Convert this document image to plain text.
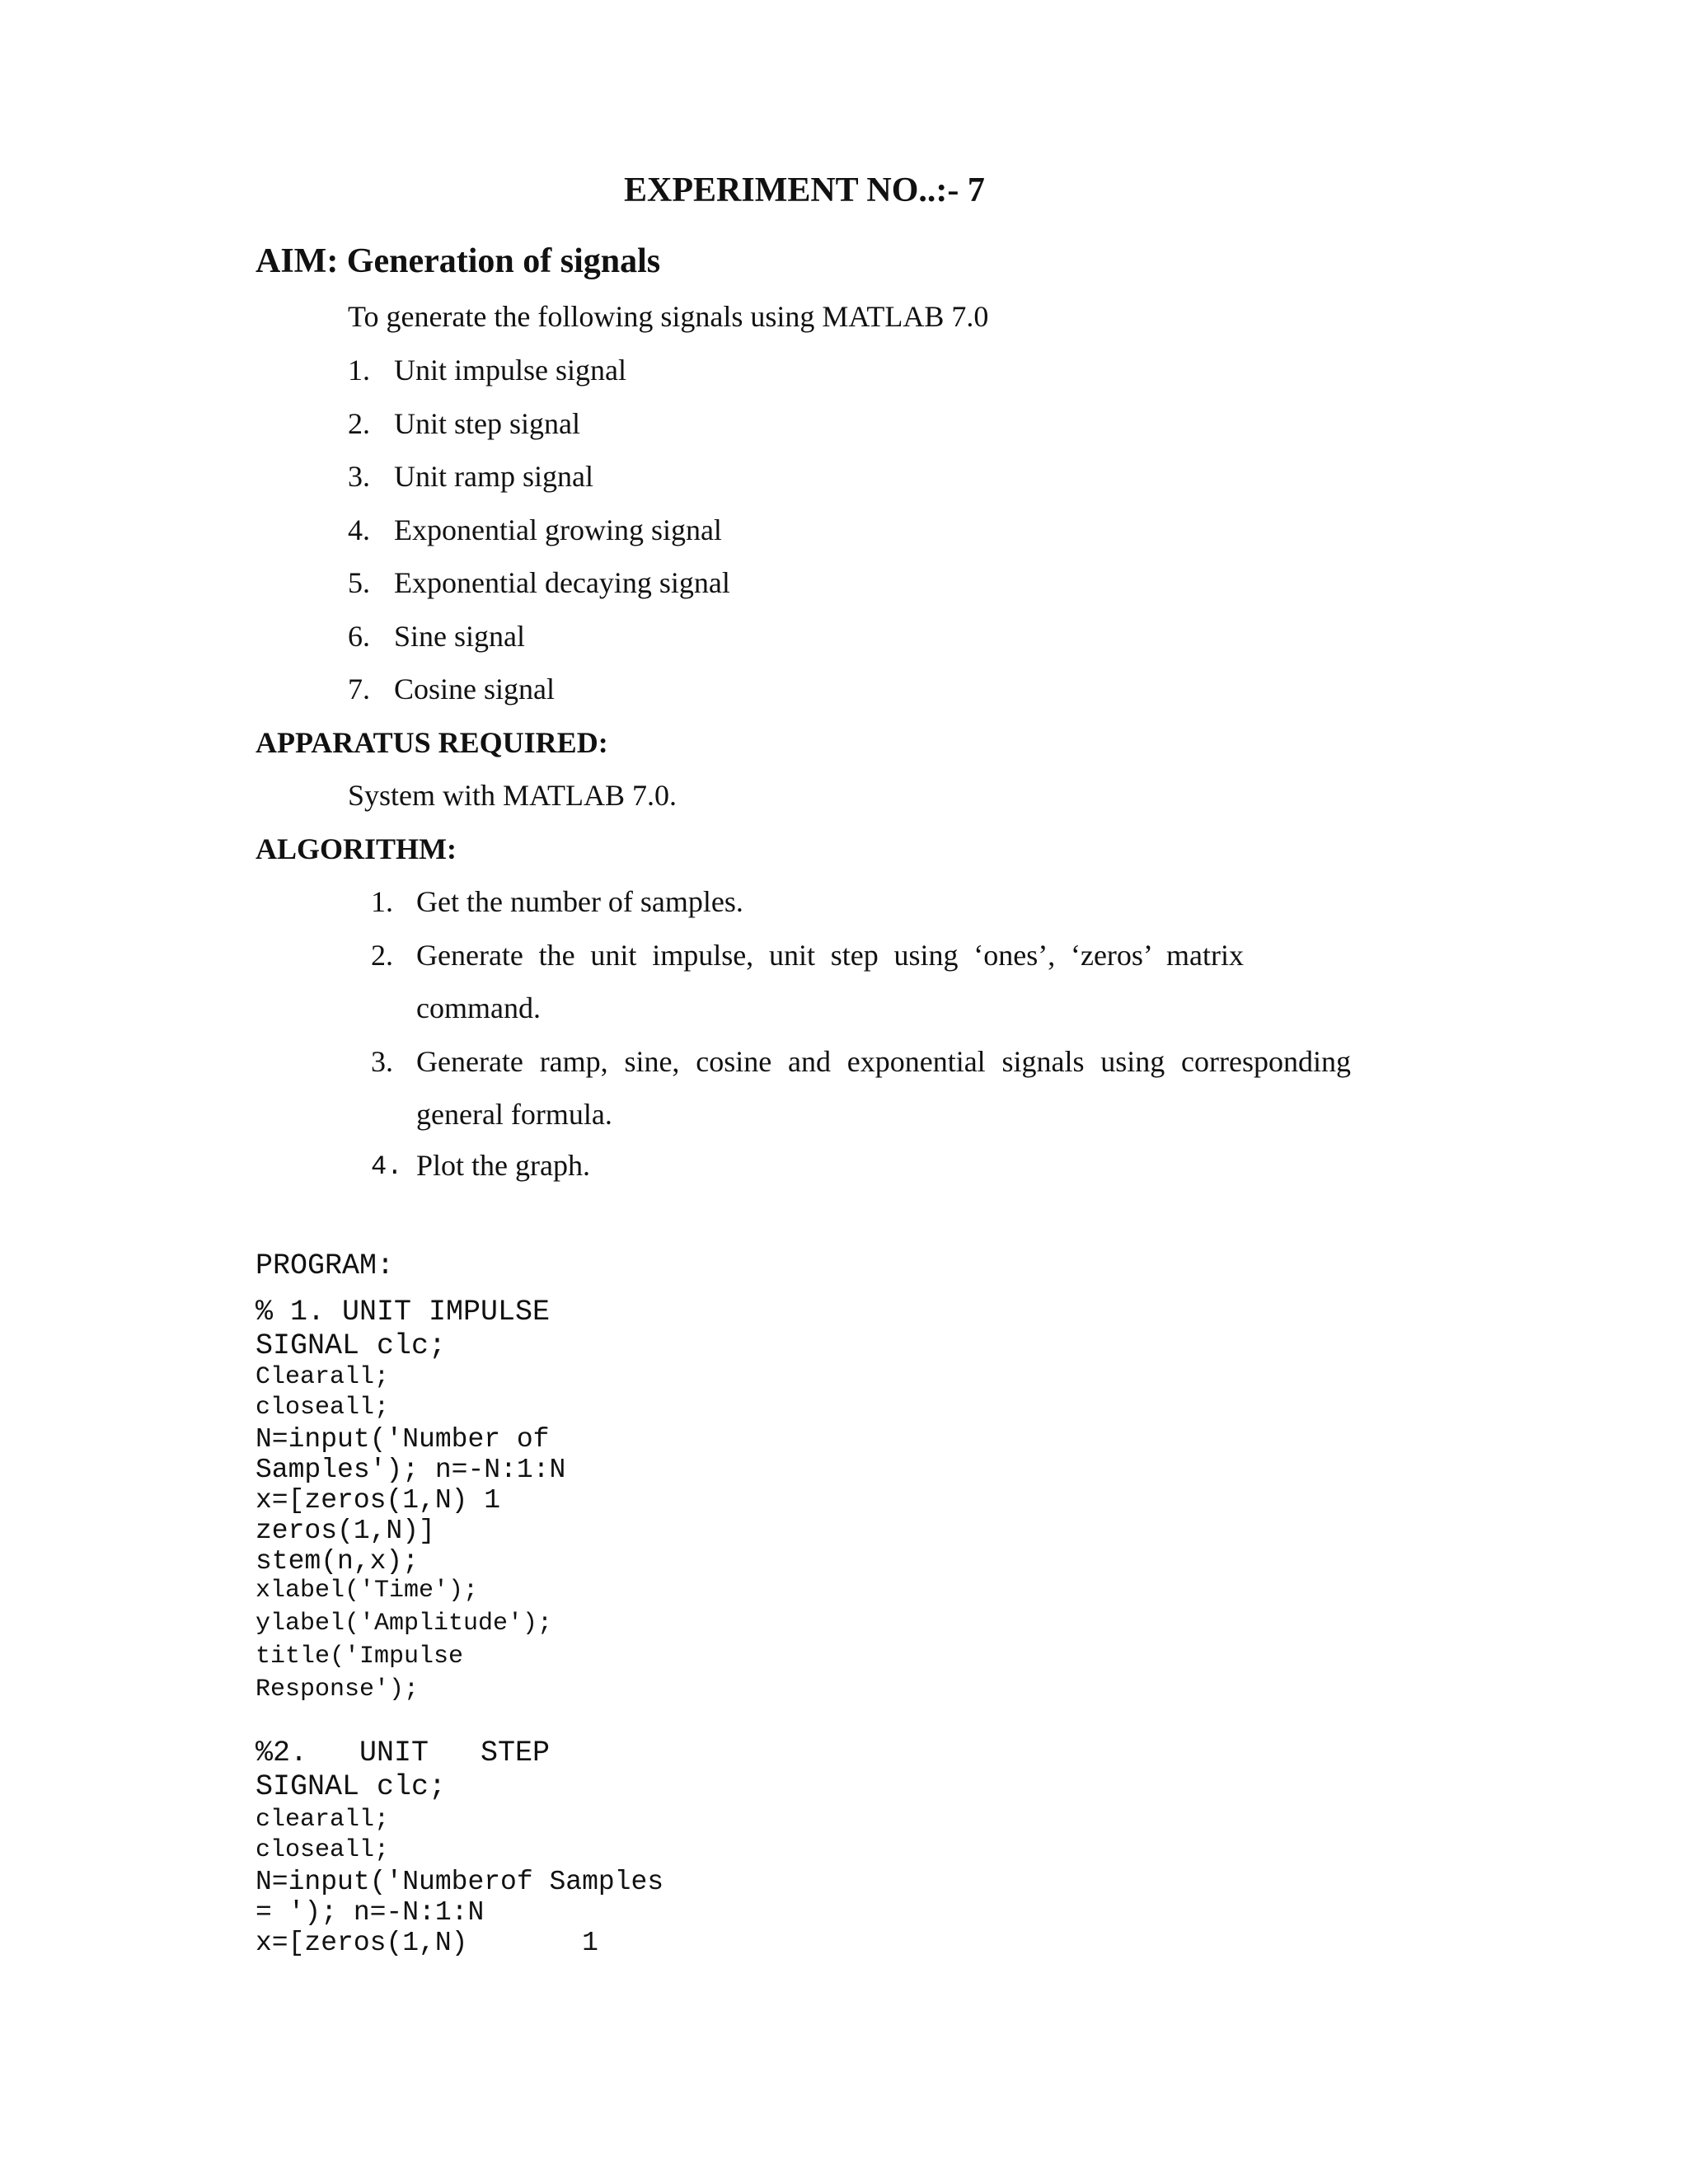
EXPERIMENT NO..:- 7
AIM: Generation of signals
To generate the following signals using MATLAB 7.0
1. Unit impulse signal
2. Unit step signal
3. Unit ramp signal
4. Exponential growing signal
5. Exponential decaying signal
6. Sine signal
7. Cosine signal
APPARATUS REQUIRED:
System with MATLAB 7.0.
ALGORITHM:
1. Get the number of samples.
2. Generate the unit impulse, unit step using ‘ones’, ‘zeros’ matrix
command.
3. Generate ramp, sine, cosine and exponential signals using corresponding
general formula.
4. Plot the graph.
PROGRAM:
% 1. UNIT IMPULSE
SIGNAL clc;
Clearall;
closeall;
N=input('Number of
Samples'); n=-N:1:N
x=[zeros(1,N) 1
zeros(1,N)]
stem(n,x);
xlabel('Time');
ylabel('Amplitude');
title('Impulse
Response');
%2.   UNIT   STEP
SIGNAL clc;
clearall;
closeall;
N=input('Numberof Samples
= '); n=-N:1:N
x=[zeros(1,N)       1
